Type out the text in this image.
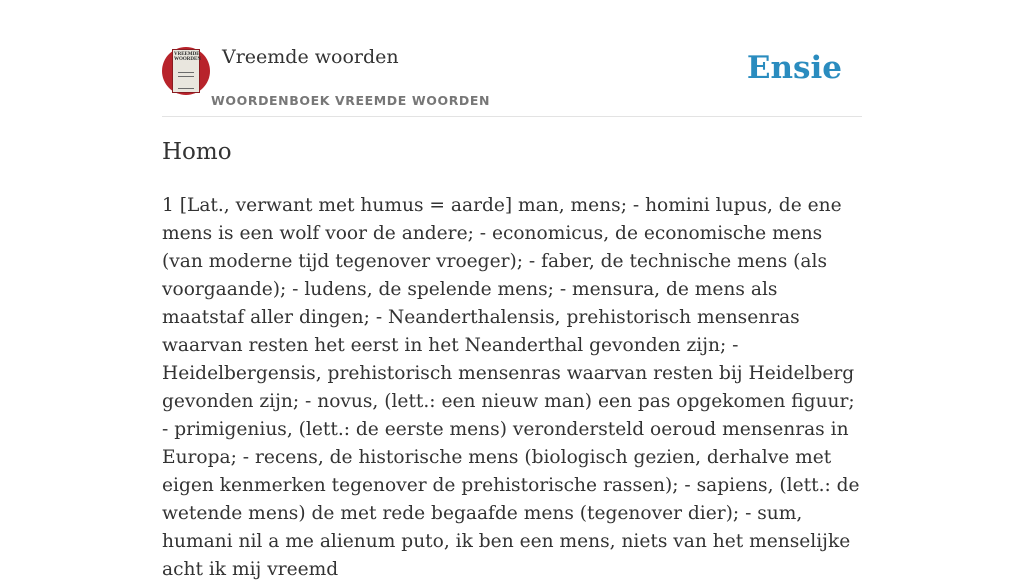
VREEMDE WOORDEN Vreemde woorden
WOORDENBOEK VREEMDE WOORDEN
Ensie
Homo

1 [Lat., verwant met humus = aarde] man, mens; - homini lupus, de ene mens is een wolf voor de andere; - economicus, de economische mens (van moderne tijd tegenover vroeger); - faber, de technische mens (als voorgaande); - ludens, de spelende mens; - mensura, de mens als maatstaf aller dingen; - Neanderthalensis, prehistorisch mensenras waarvan resten het eerst in het Neanderthal gevonden zijn; - Heidelbergensis, prehistorisch mensenras waarvan resten bij Heidelberg gevonden zijn; - novus, (lett.: een nieuw man) een pas opgekomen figuur; - primigenius, (lett.: de eerste mens) verondersteld oeroud mensenras in Europa; - recens, de historische mens (biologisch gezien, derhalve met eigen kenmerken tegenover de prehistorische rassen); - sapiens, (lett.: de wetende mens) de met rede begaafde mens (tegenover dier); - sum, humani nil a me alienum puto, ik ben een mens, niets van het menselijke acht ik mij vreemd
